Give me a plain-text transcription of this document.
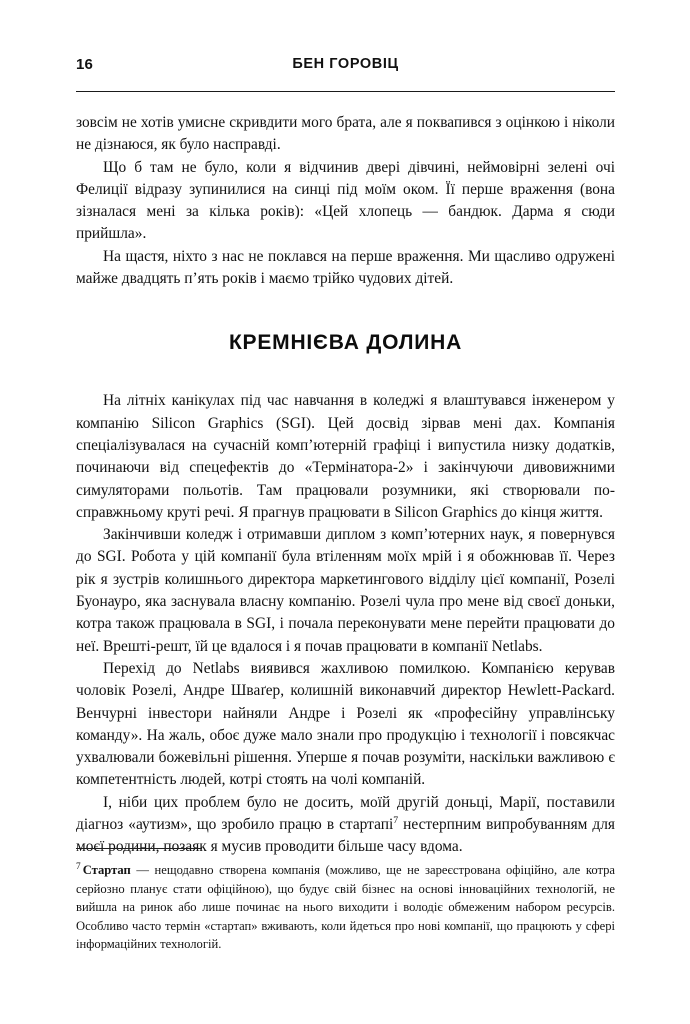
16	БЕН ГОРОВІЦ

зовсім не хотів умисне скривдити мого брата, але я поквапився з оцінкою і ніколи не дізнаюся, як було насправді.

Що б там не було, коли я відчинив двері дівчині, неймовірні зелені очі Фелиції відразу зупинилися на синці під моїм оком. Її перше враження (вона зізналася мені за кілька років): «Цей хлопець — бандюк. Дарма я сюди прийшла».

На щастя, ніхто з нас не поклався на перше враження. Ми щасливо одружені майже двадцять п’ять років і маємо трійко чудових дітей.

КРЕМНІЄВА ДОЛИНА

На літніх канікулах під час навчання в коледжі я влаштувався інженером у компанію Silicon Graphics (SGI). Цей досвід зірвав мені дах. Компанія спеціалізувалася на сучасній комп’ютерній графіці і випустила низку додатків, починаючи від спецефектів до «Термінатора-2» і закінчуючи дивовижними симуляторами польотів. Там працювали розумники, які створювали по-справжньому круті речі. Я прагнув працювати в Silicon Graphics до кінця життя.

Закінчивши коледж і отримавши диплом з комп’ютерних наук, я повернувся до SGI. Робота у цій компанії була втіленням моїх мрій і я обожнював її. Через рік я зустрів колишнього директора маркетингового відділу цієї компанії, Розелі Буонауро, яка заснувала власну компанію. Розелі чула про мене від своєї доньки, котра також працювала в SGI, і почала переконувати мене перейти працювати до неї. Врешті-решт, їй це вдалося і я почав працювати в компанії Netlabs.

Перехід до Netlabs виявився жахливою помилкою. Компанією керував чоловік Розелі, Андре Шваґер, колишній виконавчий директор Hewlett-Packard. Венчурні інвестори найняли Андре і Розелі як «професійну управлінську команду». На жаль, обоє дуже мало знали про продукцію і технології і повсякчас ухвалювали божевільні рішення. Уперше я почав розуміти, наскільки важливою є компетентність людей, котрі стоять на чолі компаній.

І, ніби цих проблем було не досить, моїй другій доньці, Марії, поставили діагноз «аутизм», що зробило працю в стартапі$^7$ нестерпним випробуванням для моєї родини, позаяк я мусив проводити більше часу вдома.

$^7$ Стартап — нещодавно створена компанія (можливо, ще не зареєстрована офіційно, але котра серйозно планує стати офіційною), що будує свій бізнес на основі інноваційних технологій, не вийшла на ринок або лише починає на нього виходити і володіє обмеженим набором ресурсів. Особливо часто термін «стартап» вживають, коли йдеться про нові компанії, що працюють у сфері інформаційних технологій.
